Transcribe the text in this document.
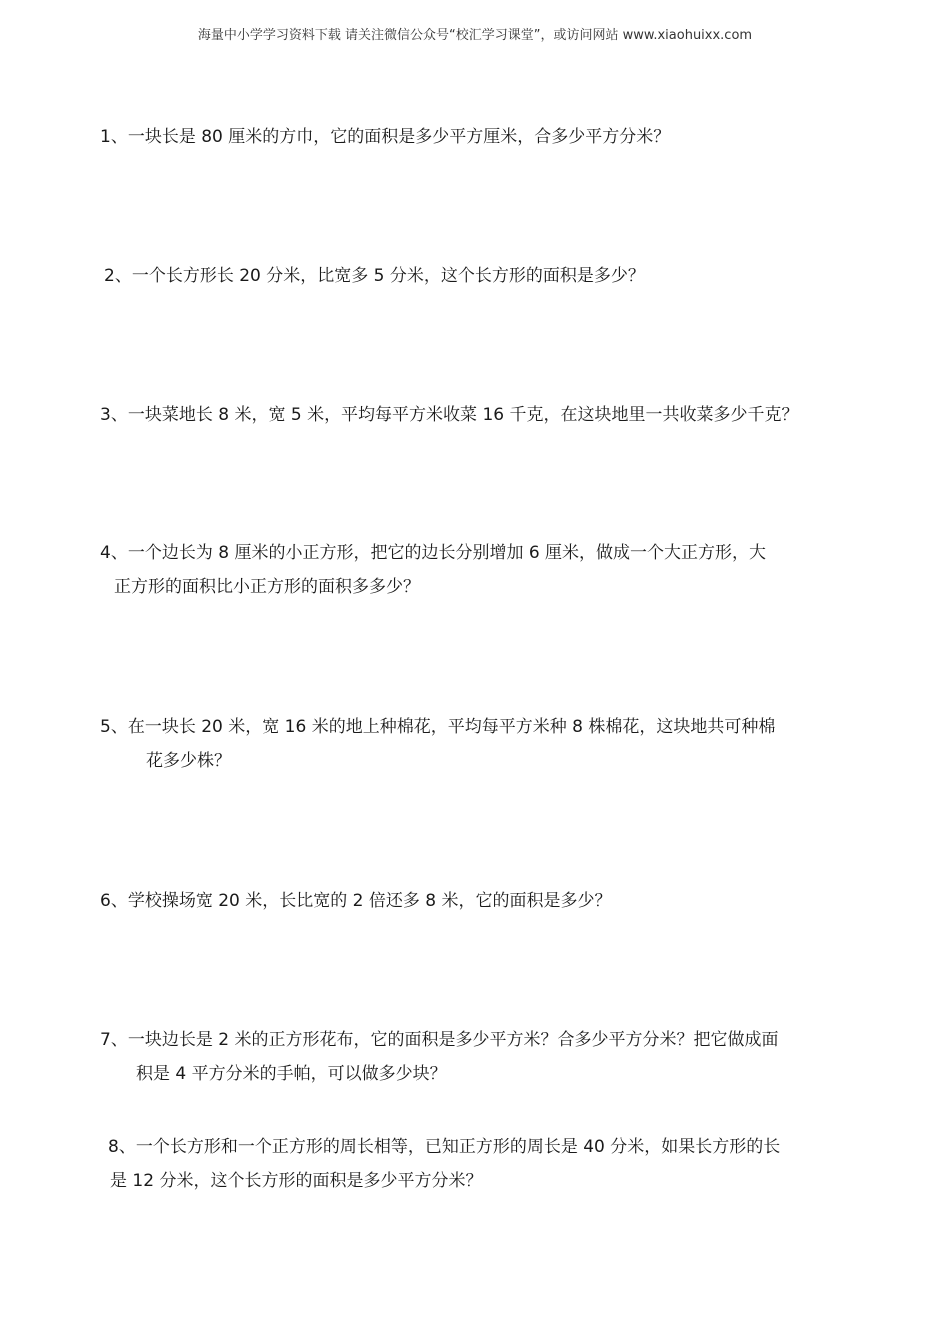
海量中小学学习资料下载 请关注微信公众号“校汇学习课堂”，或访问网站 www.xiaohuixx.com
1、一块长是 80 厘米的方巾，它的面积是多少平方厘米，合多少平方分米？
2、一个长方形长 20 分米，比宽多 5 分米，这个长方形的面积是多少？
3、一块菜地长 8 米，宽 5 米，平均每平方米收菜 16 千克，在这块地里一共收菜多少千克？
4、一个边长为 8 厘米的小正方形，把它的边长分别增加 6 厘米，做成一个大正方形，大
正方形的面积比小正方形的面积多多少？
5、在一块长 20 米，宽 16 米的地上种棉花，平均每平方米种 8 株棉花，这块地共可种棉
花多少株？
6、学校操场宽 20 米，长比宽的 2 倍还多 8 米，它的面积是多少？
7、一块边长是 2 米的正方形花布，它的面积是多少平方米？合多少平方分米？把它做成面
积是 4 平方分米的手帕，可以做多少块？
8、一个长方形和一个正方形的周长相等，已知正方形的周长是 40 分米，如果长方形的长
是 12 分米，这个长方形的面积是多少平方分米？
